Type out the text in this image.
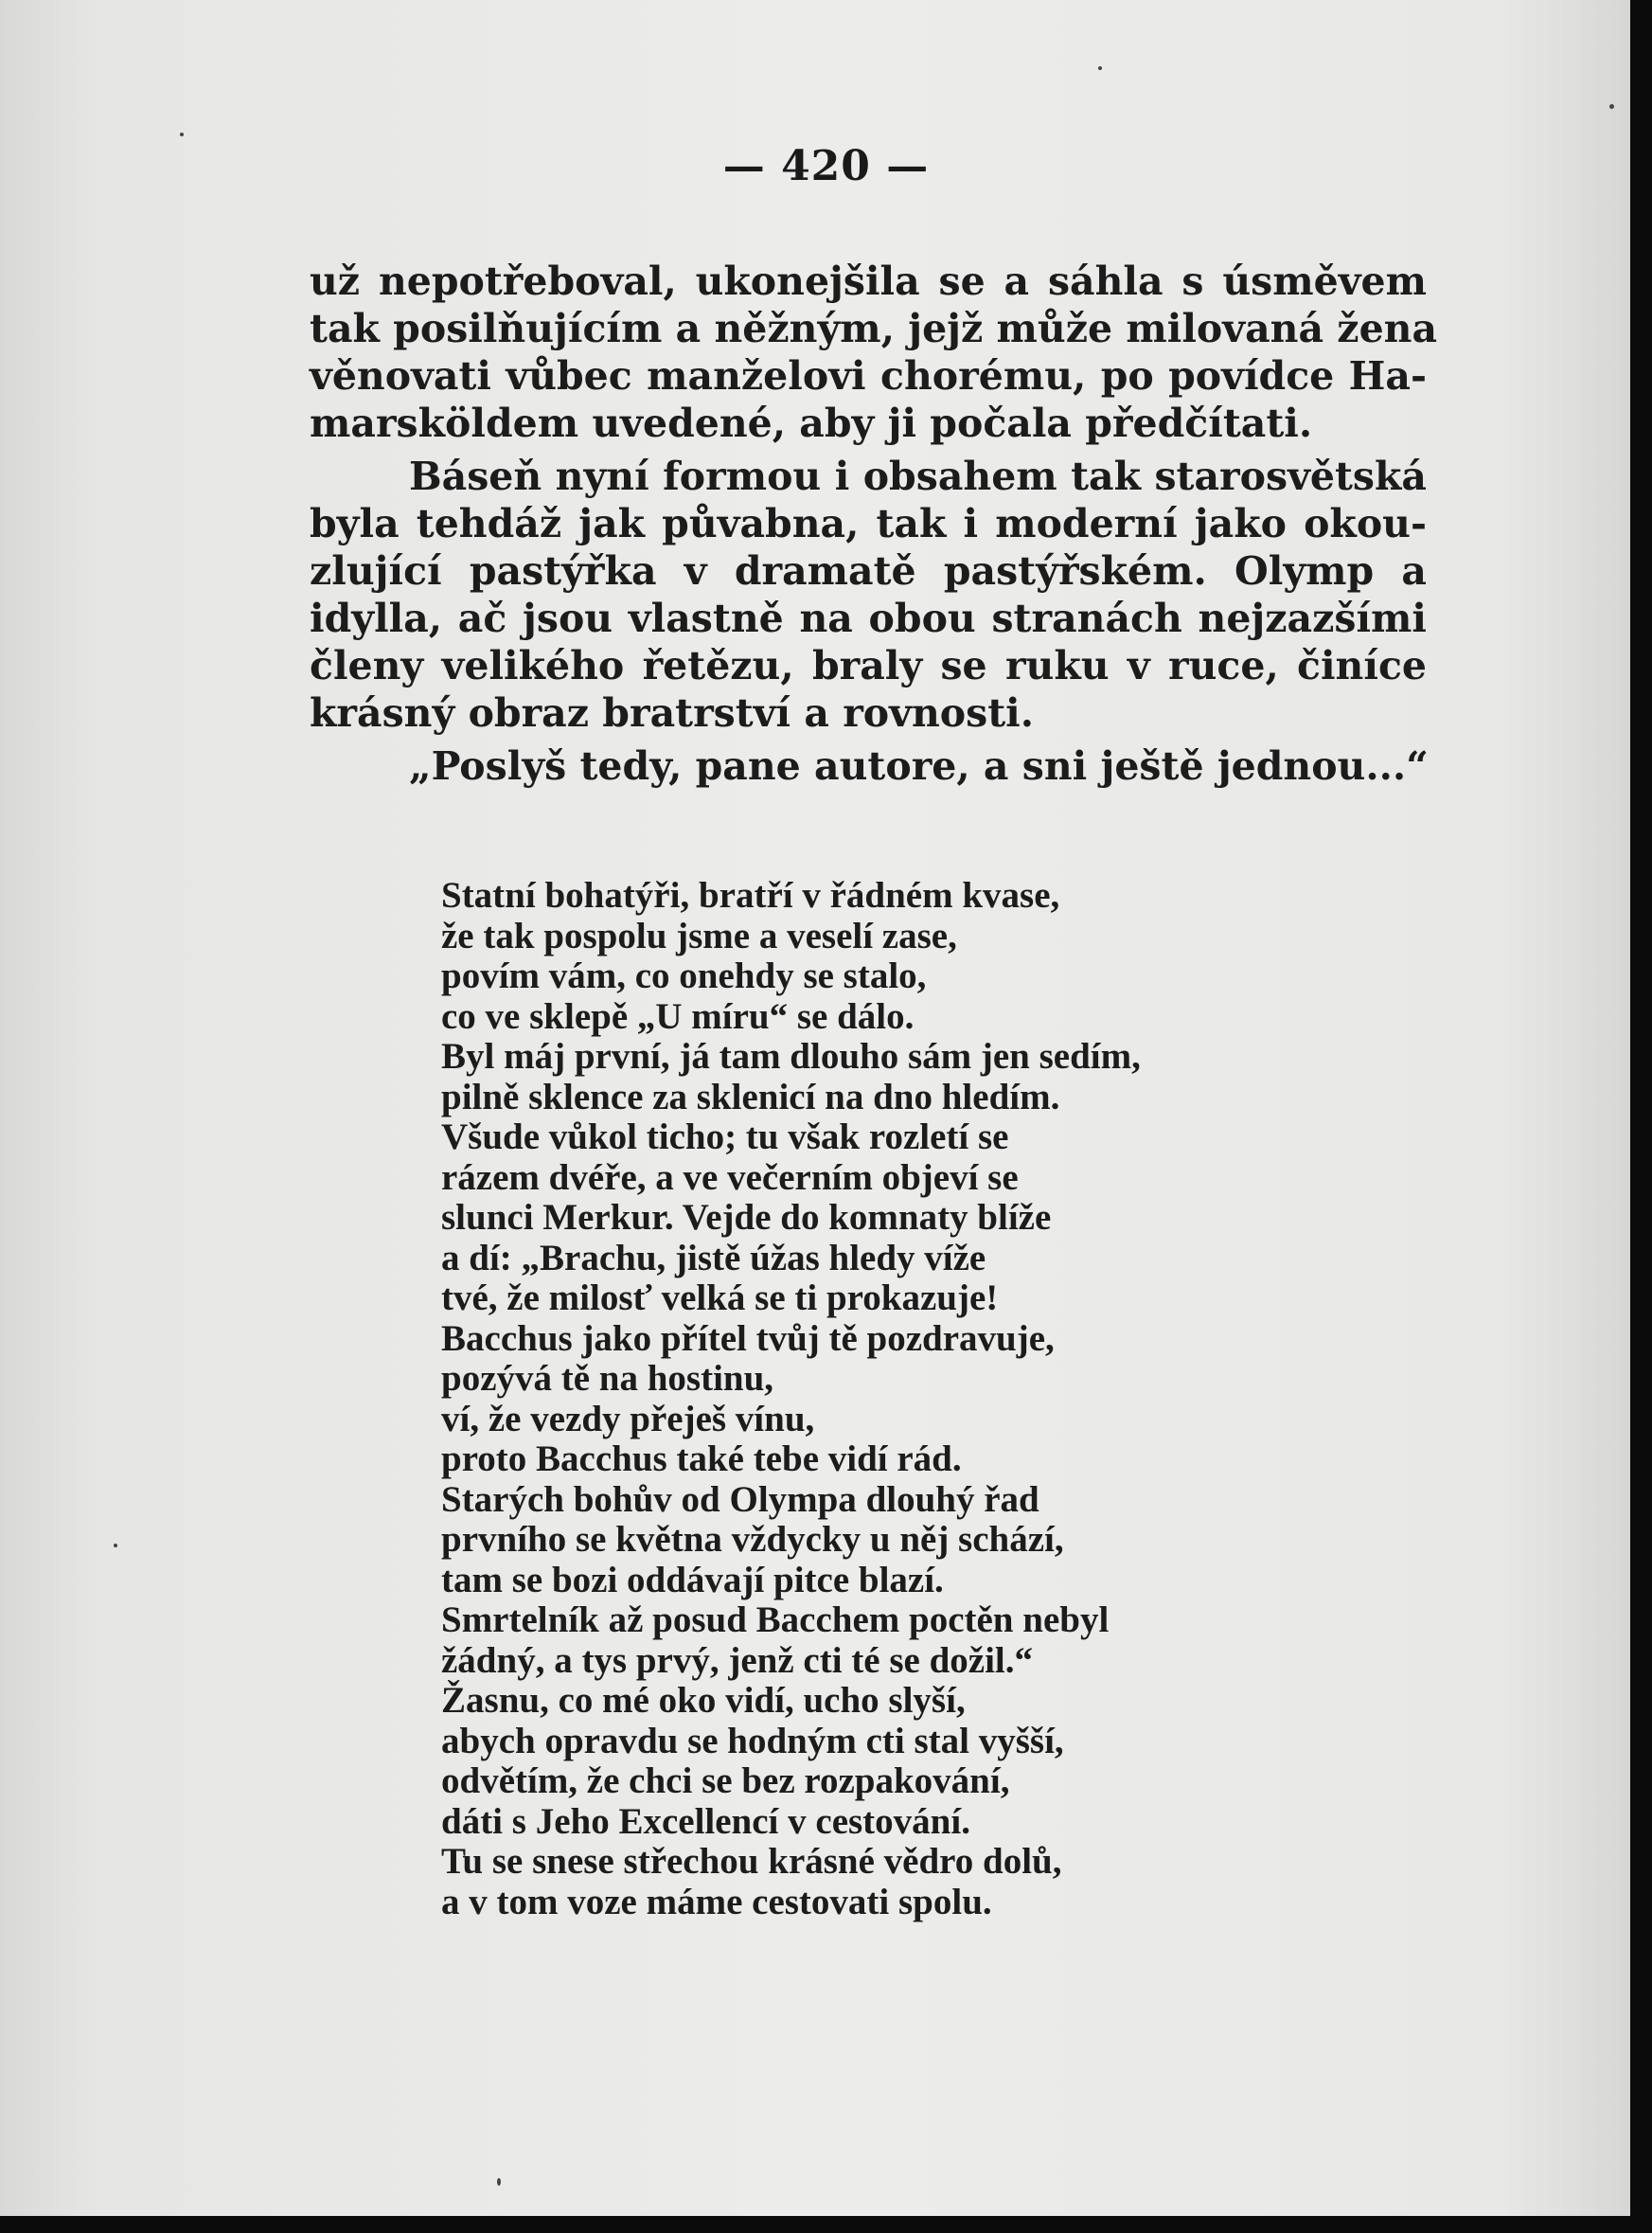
— 420 —
už nepotřeboval, ukonejšila se a sáhla s úsměvem
tak posilňujícím a něžným, jejž může milovaná žena
věnovati vůbec manželovi chorému, po povídce Ha-
marsköldem uvedené, aby ji počala předčítati.
Báseň nyní formou i obsahem tak starosvětská
byla tehdáž jak půvabna, tak i moderní jako okou-
zlující pastýřka v dramatě pastýřském. Olymp a
idylla, ač jsou vlastně na obou stranách nejzazšími
členy velikého řetězu, braly se ruku v ruce, činíce
krásný obraz bratrství a rovnosti.
„Poslyš tedy, pane autore, a sni ještě jednou...“
Statní bohatýři, bratří v řádném kvase,
že tak pospolu jsme a veselí zase,
povím vám, co onehdy se stalo,
co ve sklepě „U míru“ se dálo.
Byl máj první, já tam dlouho sám jen sedím,
pilně sklence za sklenicí na dno hledím.
Všude vůkol ticho; tu však rozletí se
rázem dvéře, a ve večerním objeví se
slunci Merkur. Vejde do komnaty blíže
a dí: „Brachu, jistě úžas hledy víže
tvé, že milosť velká se ti prokazuje!
Bacchus jako přítel tvůj tě pozdravuje,
pozývá tě na hostinu,
ví, že vezdy přeješ vínu,
proto Bacchus také tebe vidí rád.
Starých bohův od Olympa dlouhý řad
prvního se května vždycky u něj schází,
tam se bozi oddávají pitce blazí.
Smrtelník až posud Bacchem poctěn nebyl
žádný, a tys prvý, jenž cti té se dožil.“
Žasnu, co mé oko vidí, ucho slyší,
abych opravdu se hodným cti stal vyšší,
odvětím, že chci se bez rozpakování,
dáti s Jeho Excellencí v cestování.
Tu se snese střechou krásné vědro dolů,
a v tom voze máme cestovati spolu.
